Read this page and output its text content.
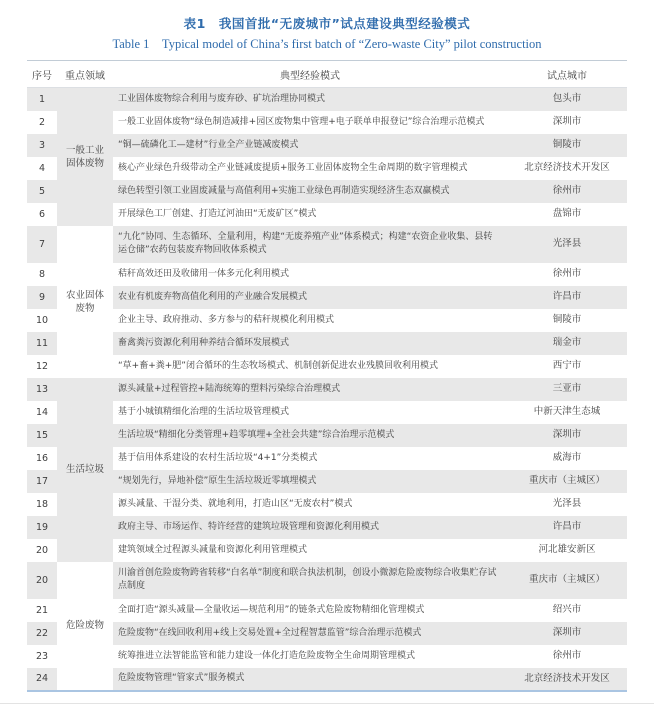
表1　我国首批“无废城市”试点建设典型经验模式
Table 1　Typical model of China’s first batch of “Zero-waste City” pilot construction
序号	重点领域	典型经验模式	试点城市
1	一般工业固体废物	工业固体废物综合利用与废弃砂、矿坑治理协同模式	包头市
2		一般工业固体废物“绿色制造减排+园区废物集中管理+电子联单申报登记”综合治理示范模式	深圳市
3		“铜—硫磷化工—建材”行业全产业链减废模式	铜陵市
4		核心产业绿色升级带动全产业链减废提质+服务工业固体废物全生命周期的数字管理模式	北京经济技术开发区
5		绿色转型引领工业固废减量与高值利用+实施工业绿色再制造实现经济生态双赢模式	徐州市
6		开展绿色工厂创建、打造辽河油田“无废矿区”模式	盘锦市
7	农业固体废物	“九化”协同、生态循环、全量利用，构建“无废养殖产业”体系模式；构建“农资企业收集、县转运仓储”农药包装废弃物回收体系模式	光泽县
8		秸秆高效还田及收储用一体多元化利用模式	徐州市
9		农业有机废弃物高值化利用的产业融合发展模式	许昌市
10		企业主导、政府推动、多方参与的秸秆规模化利用模式	铜陵市
11		畜禽粪污资源化利用种养结合循环发展模式	瑞金市
12		“草+畜+粪+肥”闭合循环的生态牧场模式、机制创新促进农业残膜回收利用模式	西宁市
13	生活垃圾	源头减量+过程管控+陆海统筹的塑料污染综合治理模式	三亚市
14		基于小城镇精细化治理的生活垃圾管理模式	中新天津生态城
15		生活垃圾“精细化分类管理+趋零填埋+全社会共建”综合治理示范模式	深圳市
16		基于信用体系建设的农村生活垃圾“4+1”分类模式	威海市
17		“规划先行，异地补偿”原生生活垃圾近零填埋模式	重庆市（主城区）
18		源头减量、干湿分类、就地利用，打造山区“无废农村”模式	光泽县
19		政府主导、市场运作、特许经营的建筑垃圾管理和资源化利用模式	许昌市
20		建筑领域全过程源头减量和资源化利用管理模式	河北雄安新区
20	危险废物	川渝首创危险废物跨省转移“白名单”制度和联合执法机制，创设小微源危险废物综合收集贮存试点制度	重庆市（主城区）
21		全面打造“源头减量—全量收运—规范利用”的链条式危险废物精细化管理模式	绍兴市
22		危险废物“在线回收利用+线上交易处置+全过程智慧监管”综合治理示范模式	深圳市
23		统筹推进立法智能监管和能力建设一体化打造危险废物全生命周期管理模式	徐州市
24		危险废物管理“管家式”服务模式	北京经济技术开发区
